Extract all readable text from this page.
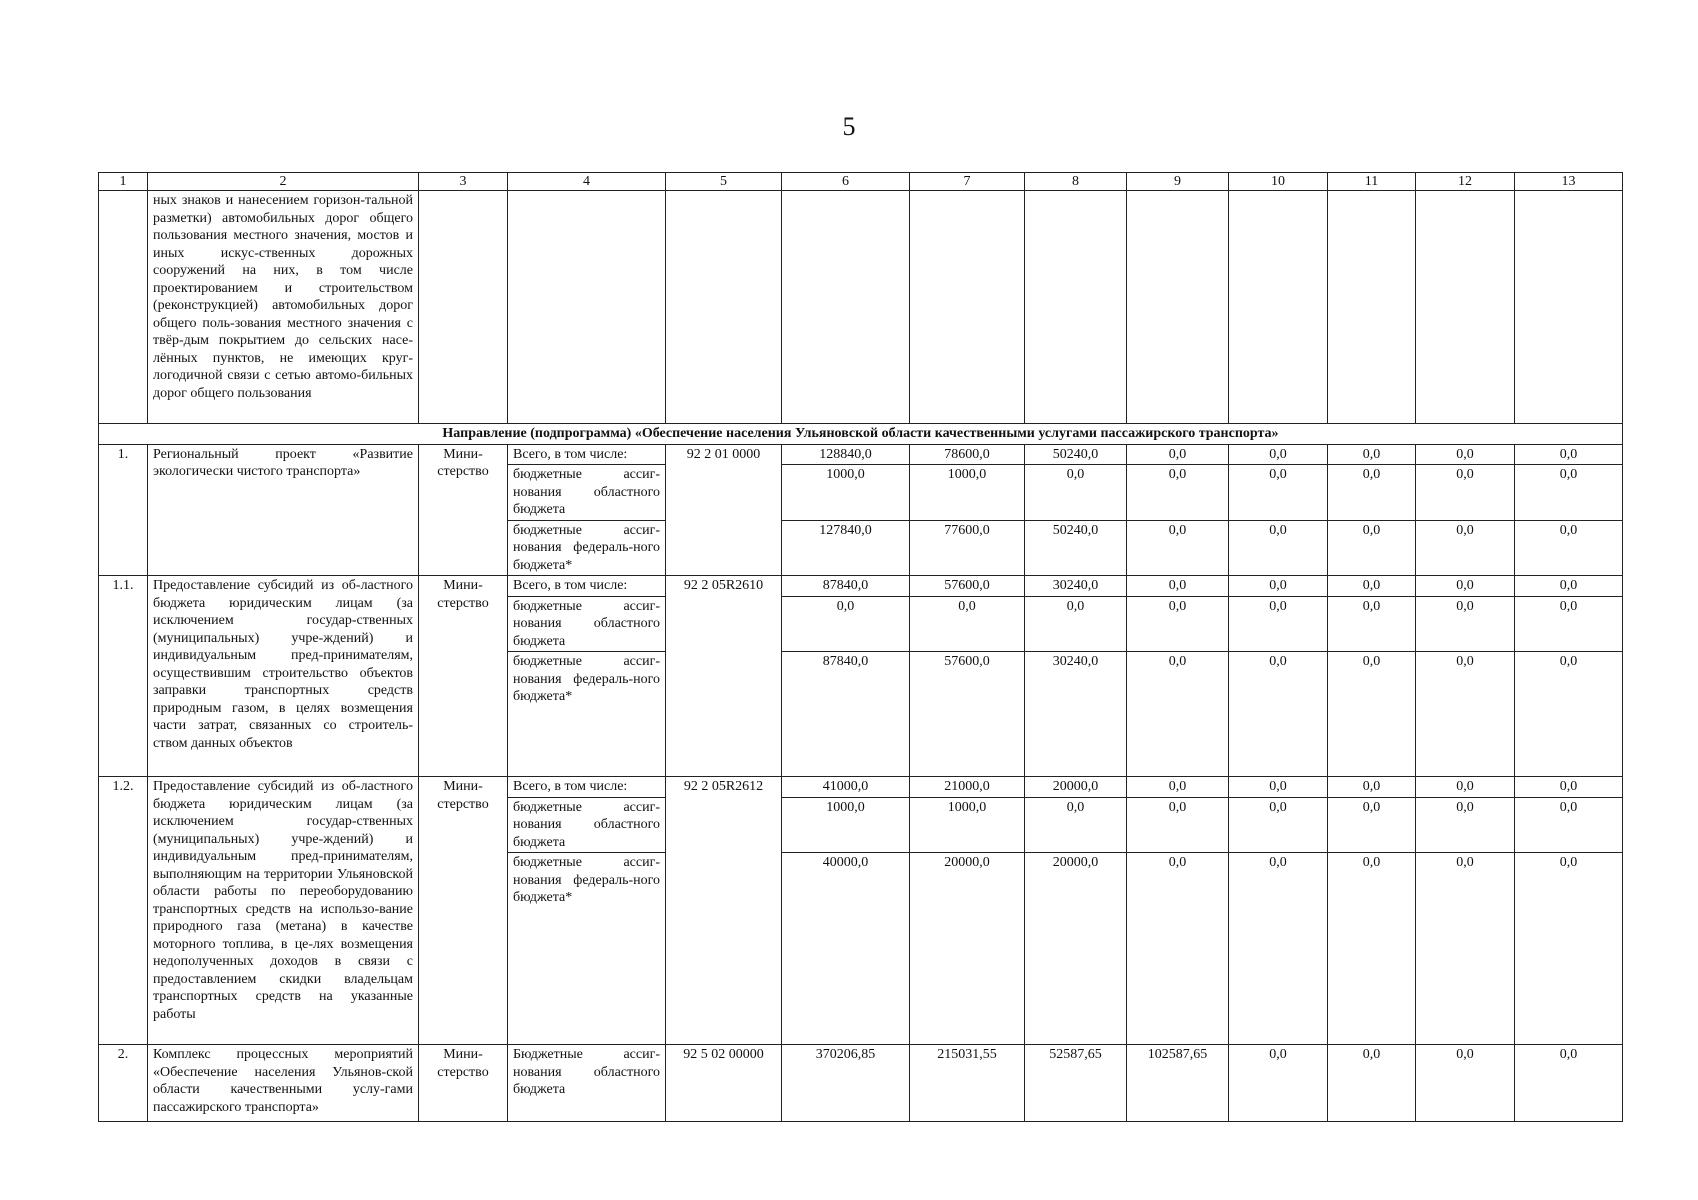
5
1	2	3	4	5	6	7	8	9	10	11	12	13
	ных знаков и нанесением горизон-тальной разметки) автомобильных дорог общего пользования местного значения, мостов и иных искус-ственных дорожных сооружений на них, в том числе проектированием и строительством (реконструкцией) автомобильных дорог общего поль-зования местного значения с твёр-дым покрытием до сельских насе-лённых пунктов, не имеющих круг-логодичной связи с сетью автомо-бильных дорог общего пользования											
Направление (подпрограмма) «Обеспечение населения Ульяновской области качественными услугами пассажирского транспорта»												
1.	Региональный проект «Развитие экологически чистого транспорта»	Мини-стерство	Всего, в том числе:	92 2 01 0000	128840,0	78600,0	50240,0	0,0	0,0	0,0	0,0	0,0
			бюджетные ассиг-нования областного бюджета		1000,0	1000,0	0,0	0,0	0,0	0,0	0,0	0,0
			бюджетные ассиг-нования федераль-ного бюджета*		127840,0	77600,0	50240,0	0,0	0,0	0,0	0,0	0,0
1.1.	Предоставление субсидий из об-ластного бюджета юридическим лицам (за исключением государ-ственных (муниципальных) учре-ждений) и индивидуальным пред-принимателям, осуществившим строительство объектов заправки транспортных средств природным газом, в целях возмещения части затрат, связанных со строитель-ством данных объектов	Мини-стерство	Всего, в том числе:	92 2 05R2610	87840,0	57600,0	30240,0	0,0	0,0	0,0	0,0	0,0
			бюджетные ассиг-нования областного бюджета		0,0	0,0	0,0	0,0	0,0	0,0	0,0	0,0
			бюджетные ассиг-нования федераль-ного бюджета*		87840,0	57600,0	30240,0	0,0	0,0	0,0	0,0	0,0
1.2.	Предоставление субсидий из об-ластного бюджета юридическим лицам (за исключением государ-ственных (муниципальных) учре-ждений) и индивидуальным пред-принимателям, выполняющим на территории Ульяновской области работы по переоборудованию транспортных средств на использо-вание природного газа (метана) в качестве моторного топлива, в це-лях возмещения недополученных доходов в связи с предоставлением скидки владельцам транспортных средств на указанные работы	Мини-стерство	Всего, в том числе:	92 2 05R2612	41000,0	21000,0	20000,0	0,0	0,0	0,0	0,0	0,0
			бюджетные ассиг-нования областного бюджета		1000,0	1000,0	0,0	0,0	0,0	0,0	0,0	0,0
			бюджетные ассиг-нования федераль-ного бюджета*		40000,0	20000,0	20000,0	0,0	0,0	0,0	0,0	0,0
2.	Комплекс процессных мероприятий «Обеспечение населения Ульянов-ской области качественными услу-гами пассажирского транспорта»	Мини-стерство	Бюджетные ассиг-нования областного бюджета	92 5 02 00000	370206,85	215031,55	52587,65	102587,65	0,0	0,0	0,0	0,0
